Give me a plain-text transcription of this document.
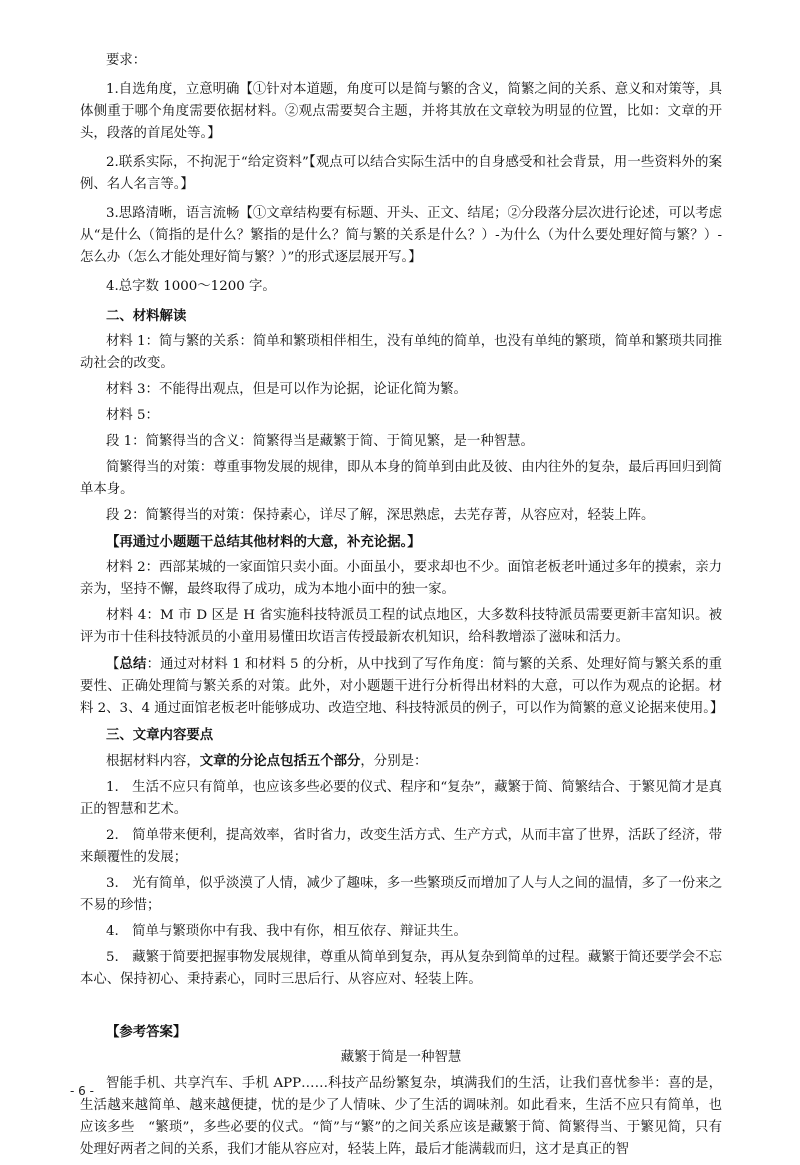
要求：

1.自选角度，立意明确【①针对本道题，角度可以是简与繁的含义，简繁之间的关系、意义和对策等，具体侧重于哪个角度需要依据材料。②观点需要契合主题，并将其放在文章较为明显的位置，比如：文章的开头，段落的首尾处等。】

2.联系实际，不拘泥于“给定资料”【观点可以结合实际生活中的自身感受和社会背景，用一些资料外的案例、名人名言等。】

3.思路清晰，语言流畅【①文章结构要有标题、开头、正文、结尾；②分段落分层次进行论述，可以考虑从“是什么（简指的是什么？繁指的是什么？简与繁的关系是什么？）-为什么（为什么要处理好简与繁？）-怎么办（怎么才能处理好简与繁？）”的形式逐层展开写。】

4.总字数 1000～1200 字。

二、材料解读

材料 1：简与繁的关系：简单和繁琐相伴相生，没有单纯的简单，也没有单纯的繁琐，简单和繁琐共同推动社会的改变。

材料 3：不能得出观点，但是可以作为论据，论证化简为繁。

材料 5：

段 1：简繁得当的含义：简繁得当是藏繁于简、于简见繁，是一种智慧。

简繁得当的对策：尊重事物发展的规律，即从本身的简单到由此及彼、由内往外的复杂，最后再回归到简单本身。

段 2：简繁得当的对策：保持素心，详尽了解，深思熟虑，去芜存菁，从容应对，轻装上阵。

【再通过小题题干总结其他材料的大意，补充论据。】

材料 2：西部某城的一家面馆只卖小面。小面虽小，要求却也不少。面馆老板老叶通过多年的摸索，亲力亲为，坚持不懈，最终取得了成功，成为本地小面中的独一家。

材料 4：M 市 D 区是 H 省实施科技特派员工程的试点地区，大多数科技特派员需要更新丰富知识。被评为市十佳科技特派员的小童用易懂田坎语言传授最新农机知识，给科教增添了滋味和活力。

【总结：通过对材料 1 和材料 5 的分析，从中找到了写作角度：简与繁的关系、处理好简与繁关系的重要性、正确处理简与繁关系的对策。此外，对小题题干进行分析得出材料的大意，可以作为观点的论据。材料 2、3、4 通过面馆老板老叶能够成功、改造空地、科技特派员的例子，可以作为简繁的意义论据来使用。】

三、文章内容要点

根据材料内容，文章的分论点包括五个部分，分别是：

1.　生活不应只有简单，也应该多些必要的仪式、程序和“复杂”，藏繁于简、简繁结合、于繁见简才是真正的智慧和艺术。

2.　简单带来便利，提高效率，省时省力，改变生活方式、生产方式，从而丰富了世界，活跃了经济，带来颠覆性的发展；

3.　光有简单，似乎淡漠了人情，减少了趣味，多一些繁琐反而增加了人与人之间的温情，多了一份来之不易的珍惜；

4.　简单与繁琐你中有我、我中有你，相互依存、辩证共生。

5.　藏繁于简要把握事物发展规律，尊重从简单到复杂，再从复杂到简单的过程。藏繁于简还要学会不忘本心、保持初心、秉持素心，同时三思后行、从容应对、轻装上阵。

【参考答案】

藏繁于简是一种智慧

智能手机、共享汽车、手机 APP……科技产品纷繁复杂，填满我们的生活，让我们喜忧参半：喜的是，生活越来越简单、越来越便捷，忧的是少了人情味、少了生活的调味剂。如此看来，生活不应只有简单，也应该多些　“繁琐”，多些必要的仪式。“简”与“繁”的之间关系应该是藏繁于简、简繁得当、于繁见简，只有处理好两者之间的关系，我们才能从容应对，轻装上阵，最后才能满载而归，这才是真正的智

- 6 -
